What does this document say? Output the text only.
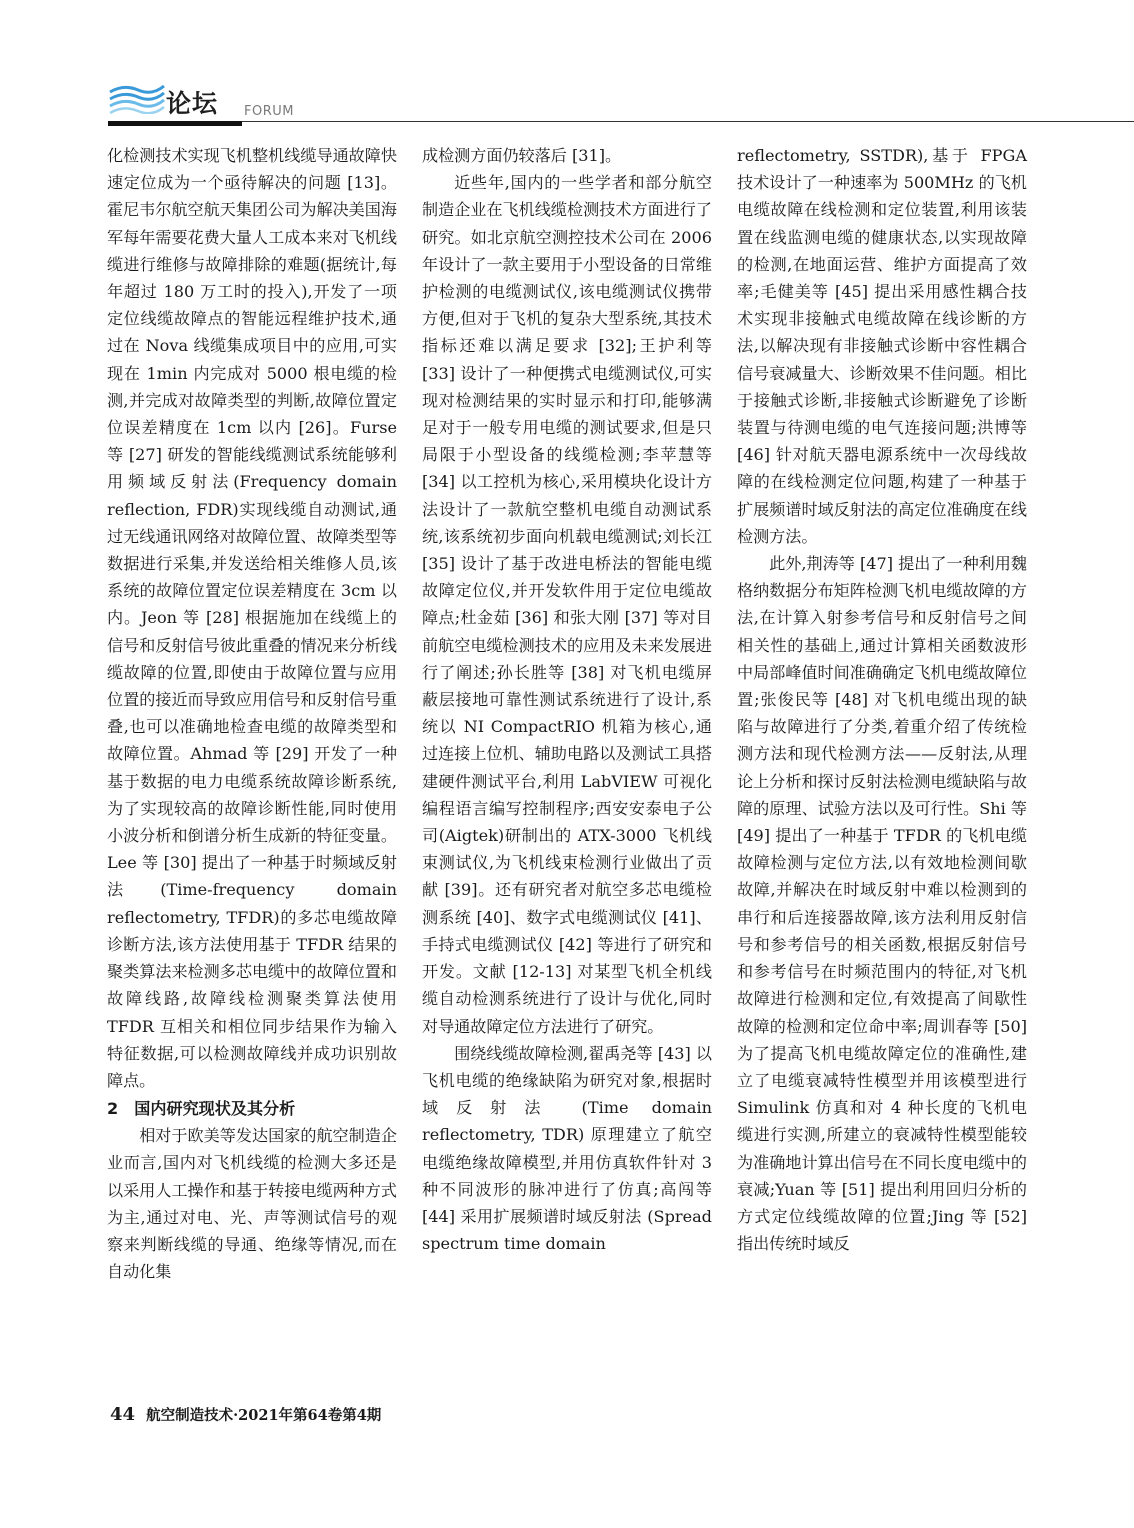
论坛 FORUM

化检测技术实现飞机整机线缆导通故障快速定位成为一个亟待解决的问题 [13]。霍尼韦尔航空航天集团公司为解决美国海军每年需要花费大量人工成本来对飞机线缆进行维修与故障排除的难题(据统计,每年超过 180 万工时的投入),开发了一项定位线缆故障点的智能远程维护技术,通过在 Nova 线缆集成项目中的应用,可实现在 1min 内完成对 5000 根电缆的检测,并完成对故障类型的判断,故障位置定位误差精度在 1cm 以内 [26]。Furse 等 [27] 研发的智能线缆测试系统能够利用频域反射法(Frequency domain reflection, FDR)实现线缆自动测试,通过无线通讯网络对故障位置、故障类型等数据进行采集,并发送给相关维修人员,该系统的故障位置定位误差精度在 3cm 以内。Jeon 等 [28] 根据施加在线缆上的信号和反射信号彼此重叠的情况来分析线缆故障的位置,即使由于故障位置与应用位置的接近而导致应用信号和反射信号重叠,也可以准确地检查电缆的故障类型和故障位置。Ahmad 等 [29] 开发了一种基于数据的电力电缆系统故障诊断系统,为了实现较高的故障诊断性能,同时使用小波分析和倒谱分析生成新的特征变量。Lee 等 [30] 提出了一种基于时频域反射法(Time-frequency domain reflectometry, TFDR)的多芯电缆故障诊断方法,该方法使用基于 TFDR 结果的聚类算法来检测多芯电缆中的故障位置和故障线路,故障线检测聚类算法使用 TFDR 互相关和相位同步结果作为输入特征数据,可以检测故障线并成功识别故障点。

2　国内研究现状及其分析

相对于欧美等发达国家的航空制造企业而言,国内对飞机线缆的检测大多还是以采用人工操作和基于转接电缆两种方式为主,通过对电、光、声等测试信号的观察来判断线缆的导通、绝缘等情况,而在自动化集

成检测方面仍较落后 [31]。

近些年,国内的一些学者和部分航空制造企业在飞机线缆检测技术方面进行了研究。如北京航空测控技术公司在 2006 年设计了一款主要用于小型设备的日常维护检测的电缆测试仪,该电缆测试仪携带方便,但对于飞机的复杂大型系统,其技术指标还难以满足要求 [32];王护利等 [33] 设计了一种便携式电缆测试仪,可实现对检测结果的实时显示和打印,能够满足对于一般专用电缆的测试要求,但是只局限于小型设备的线缆检测;李苹慧等 [34] 以工控机为核心,采用模块化设计方法设计了一款航空整机电缆自动测试系统,该系统初步面向机载电缆测试;刘长江 [35] 设计了基于改进电桥法的智能电缆故障定位仪,并开发软件用于定位电缆故障点;杜金茹 [36] 和张大刚 [37] 等对目前航空电缆检测技术的应用及未来发展进行了阐述;孙长胜等 [38] 对飞机电缆屏蔽层接地可靠性测试系统进行了设计,系统以 NI CompactRIO 机箱为核心,通过连接上位机、辅助电路以及测试工具搭建硬件测试平台,利用 LabVIEW 可视化编程语言编写控制程序;西安安泰电子公司(Aigtek)研制出的 ATX-3000 飞机线束测试仪,为飞机线束检测行业做出了贡献 [39]。还有研究者对航空多芯电缆检测系统 [40]、数字式电缆测试仪 [41]、手持式电缆测试仪 [42] 等进行了研究和开发。文献 [12-13] 对某型飞机全机线缆自动检测系统进行了设计与优化,同时对导通故障定位方法进行了研究。

围绕线缆故障检测,翟禹尧等 [43] 以飞机电缆的绝缘缺陷为研究对象,根据时域反射法 (Time domain reflectometry, TDR) 原理建立了航空电缆绝缘故障模型,并用仿真软件针对 3 种不同波形的脉冲进行了仿真;高闯等 [44] 采用扩展频谱时域反射法 (Spread spectrum time domain

reflectometry, SSTDR),基于 FPGA 技术设计了一种速率为 500MHz 的飞机电缆故障在线检测和定位装置,利用该装置在线监测电缆的健康状态,以实现故障的检测,在地面运营、维护方面提高了效率;毛健美等 [45] 提出采用感性耦合技术实现非接触式电缆故障在线诊断的方法,以解决现有非接触式诊断中容性耦合信号衰减量大、诊断效果不佳问题。相比于接触式诊断,非接触式诊断避免了诊断装置与待测电缆的电气连接问题;洪博等 [46] 针对航天器电源系统中一次母线故障的在线检测定位问题,构建了一种基于扩展频谱时域反射法的高定位准确度在线检测方法。

此外,荆涛等 [47] 提出了一种利用魏格纳数据分布矩阵检测飞机电缆故障的方法,在计算入射参考信号和反射信号之间相关性的基础上,通过计算相关函数波形中局部峰值时间准确确定飞机电缆故障位置;张俊民等 [48] 对飞机电缆出现的缺陷与故障进行了分类,着重介绍了传统检测方法和现代检测方法——反射法,从理论上分析和探讨反射法检测电缆缺陷与故障的原理、试验方法以及可行性。Shi 等 [49] 提出了一种基于 TFDR 的飞机电缆故障检测与定位方法,以有效地检测间歇故障,并解决在时域反射中难以检测到的串行和后连接器故障,该方法利用反射信号和参考信号的相关函数,根据反射信号和参考信号在时频范围内的特征,对飞机故障进行检测和定位,有效提高了间歇性故障的检测和定位命中率;周训春等 [50] 为了提高飞机电缆故障定位的准确性,建立了电缆衰减特性模型并用该模型进行 Simulink 仿真和对 4 种长度的飞机电缆进行实测,所建立的衰减特性模型能较为准确地计算出信号在不同长度电缆中的衰减;Yuan 等 [51] 提出利用回归分析的方式定位线缆故障的位置;Jing 等 [52] 指出传统时域反

44 航空制造技术·2021年第64卷第4期
